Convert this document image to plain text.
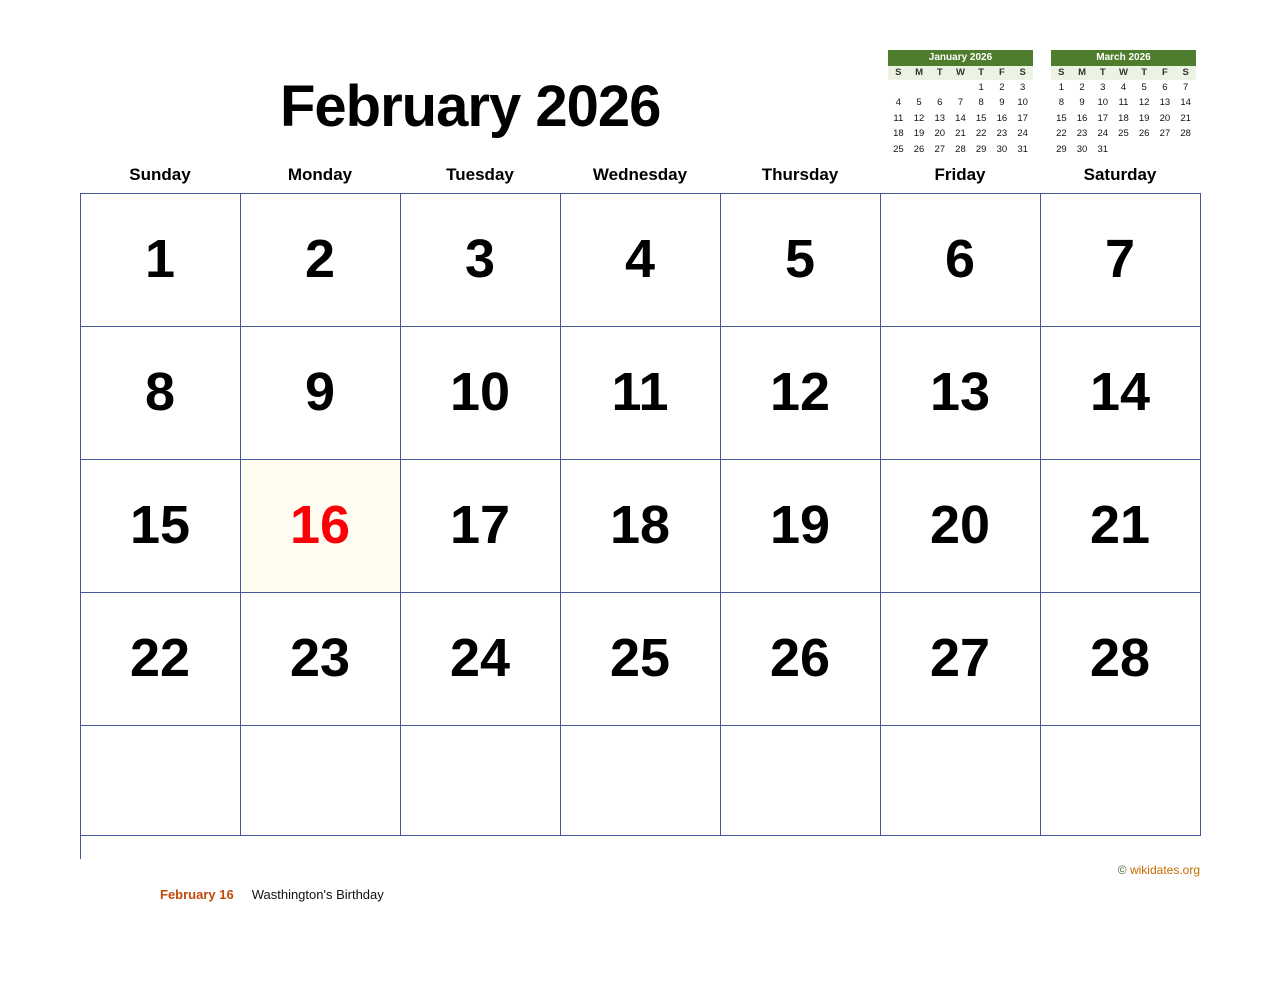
February 2026
January 2026
S	M	T	W	T	F	S
				1	2	3
4	5	6	7	8	9	10
11	12	13	14	15	16	17
18	19	20	21	22	23	24
25	26	27	28	29	30	31
March 2026
S	M	T	W	T	F	S
1	2	3	4	5	6	7
8	9	10	11	12	13	14
15	16	17	18	19	20	21
22	23	24	25	26	27	28
29	30	31				
Sunday	Monday	Tuesday	Wednesday	Thursday	Friday	Saturday
1 2 3 4 5 6 7
8 9 10 11 12 13 14
15 16 17 18 19 20 21
22 23 24 25 26 27 28
© wikidates.org
February 16 Wasthington's Birthday
